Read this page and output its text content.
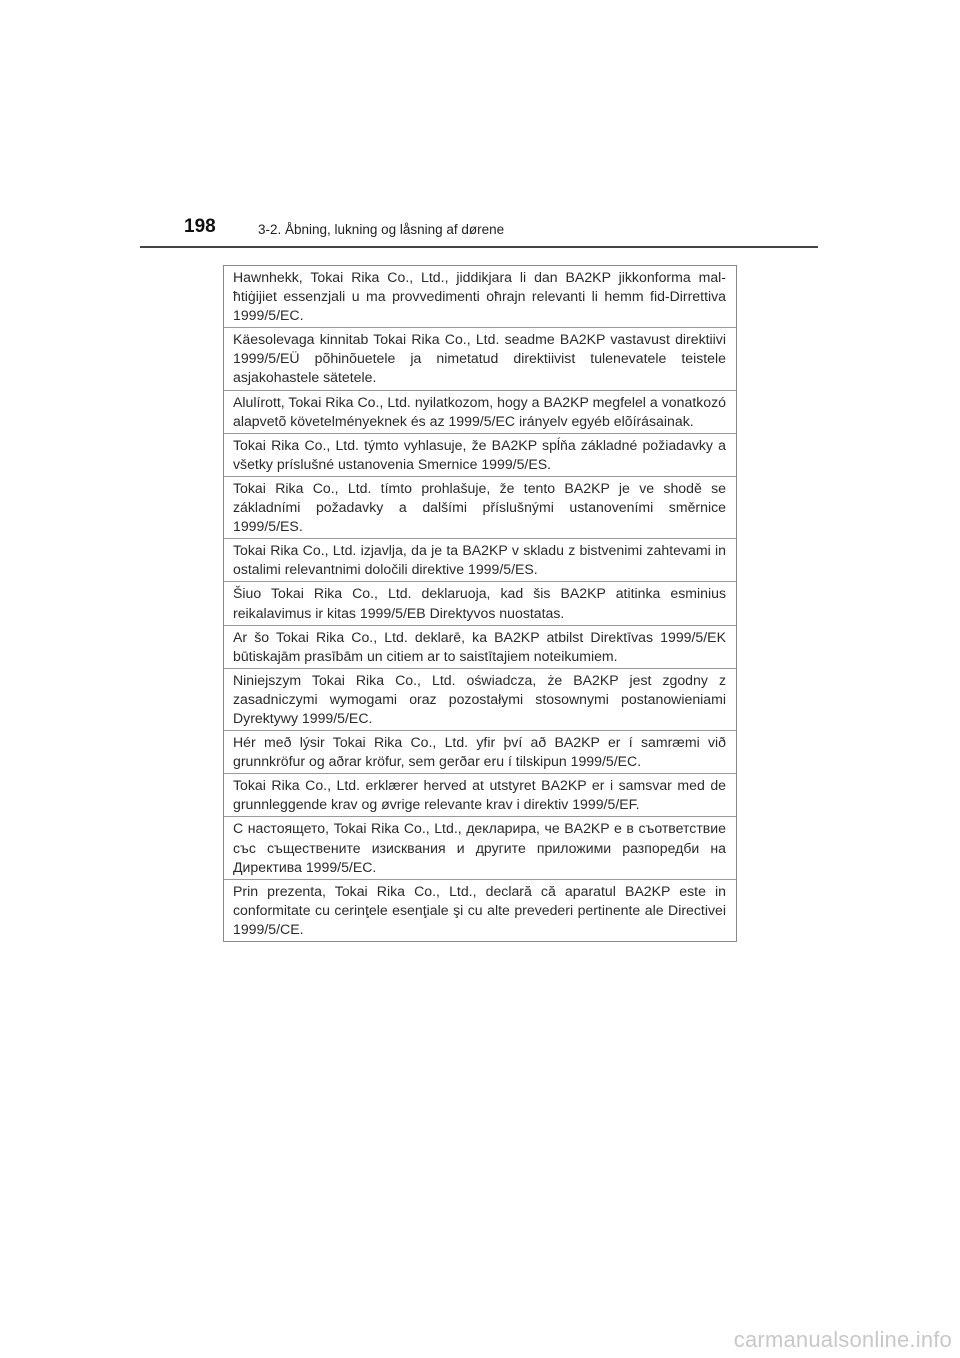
198	3-2. Åbning, lukning og låsning af dørene
Hawnhekk, Tokai Rika Co., Ltd., jiddikjara li dan BA2KP jikkonforma mal-ħtiġijiet essenzjali u ma provvedimenti oħrajn relevanti li hemm fid-Dirrettiva 1999/5/EC.
Käesolevaga kinnitab Tokai Rika Co., Ltd. seadme BA2KP vastavust direktiivi 1999/5/EÜ põhinõuetele ja nimetatud direktiivist tulenevatele teistele asjakohastele sätetele.
Alulírott, Tokai Rika Co., Ltd. nyilatkozom, hogy a BA2KP megfelel a vonatkozó alapvetõ követelményeknek és az 1999/5/EC irányelv egyéb elõírásainak.
Tokai Rika Co., Ltd. týmto vyhlasuje, že BA2KP spĺňa základné požiadavky a všetky príslušné ustanovenia Smernice 1999/5/ES.
Tokai Rika Co., Ltd. tímto prohlašuje, že tento BA2KP je ve shodě se základními požadavky a dalšími příslušnými ustanoveními směrnice 1999/5/ES.
Tokai Rika Co., Ltd. izjavlja, da je ta BA2KP v skladu z bistvenimi zahtevami in ostalimi relevantnimi določili direktive 1999/5/ES.
Šiuo Tokai Rika Co., Ltd. deklaruoja, kad šis BA2KP atitinka esminius reikalavimus ir kitas 1999/5/EB Direktyvos nuostatas.
Ar šo Tokai Rika Co., Ltd. deklarē, ka BA2KP atbilst Direktīvas 1999/5/EK būtiskajām prasībām un citiem ar to saistītajiem noteikumiem.
Niniejszym Tokai Rika Co., Ltd. oświadcza, że BA2KP jest zgodny z zasadniczymi wymogami oraz pozostałymi stosownymi postanowieniami Dyrektywy 1999/5/EC.
Hér með lýsir Tokai Rika Co., Ltd. yfir því að BA2KP er í samræmi við grunnkröfur og aðrar kröfur, sem gerðar eru í tilskipun 1999/5/EC.
Tokai Rika Co., Ltd. erklærer herved at utstyret BA2KP er i samsvar med de grunnleggende krav og øvrige relevante krav i direktiv 1999/5/EF.
С настоящето, Tokai Rika Co., Ltd., декларира, че BA2KP е в съответствие със съществените изисквания и другите приложими разпоредби на Директива 1999/5/ЕС.
Prin prezenta, Tokai Rika Co., Ltd., declară că aparatul BA2KP este in conformitate cu cerinţele esenţiale şi cu alte prevederi pertinente ale Directivei 1999/5/CE.
carmanualsonline.info
